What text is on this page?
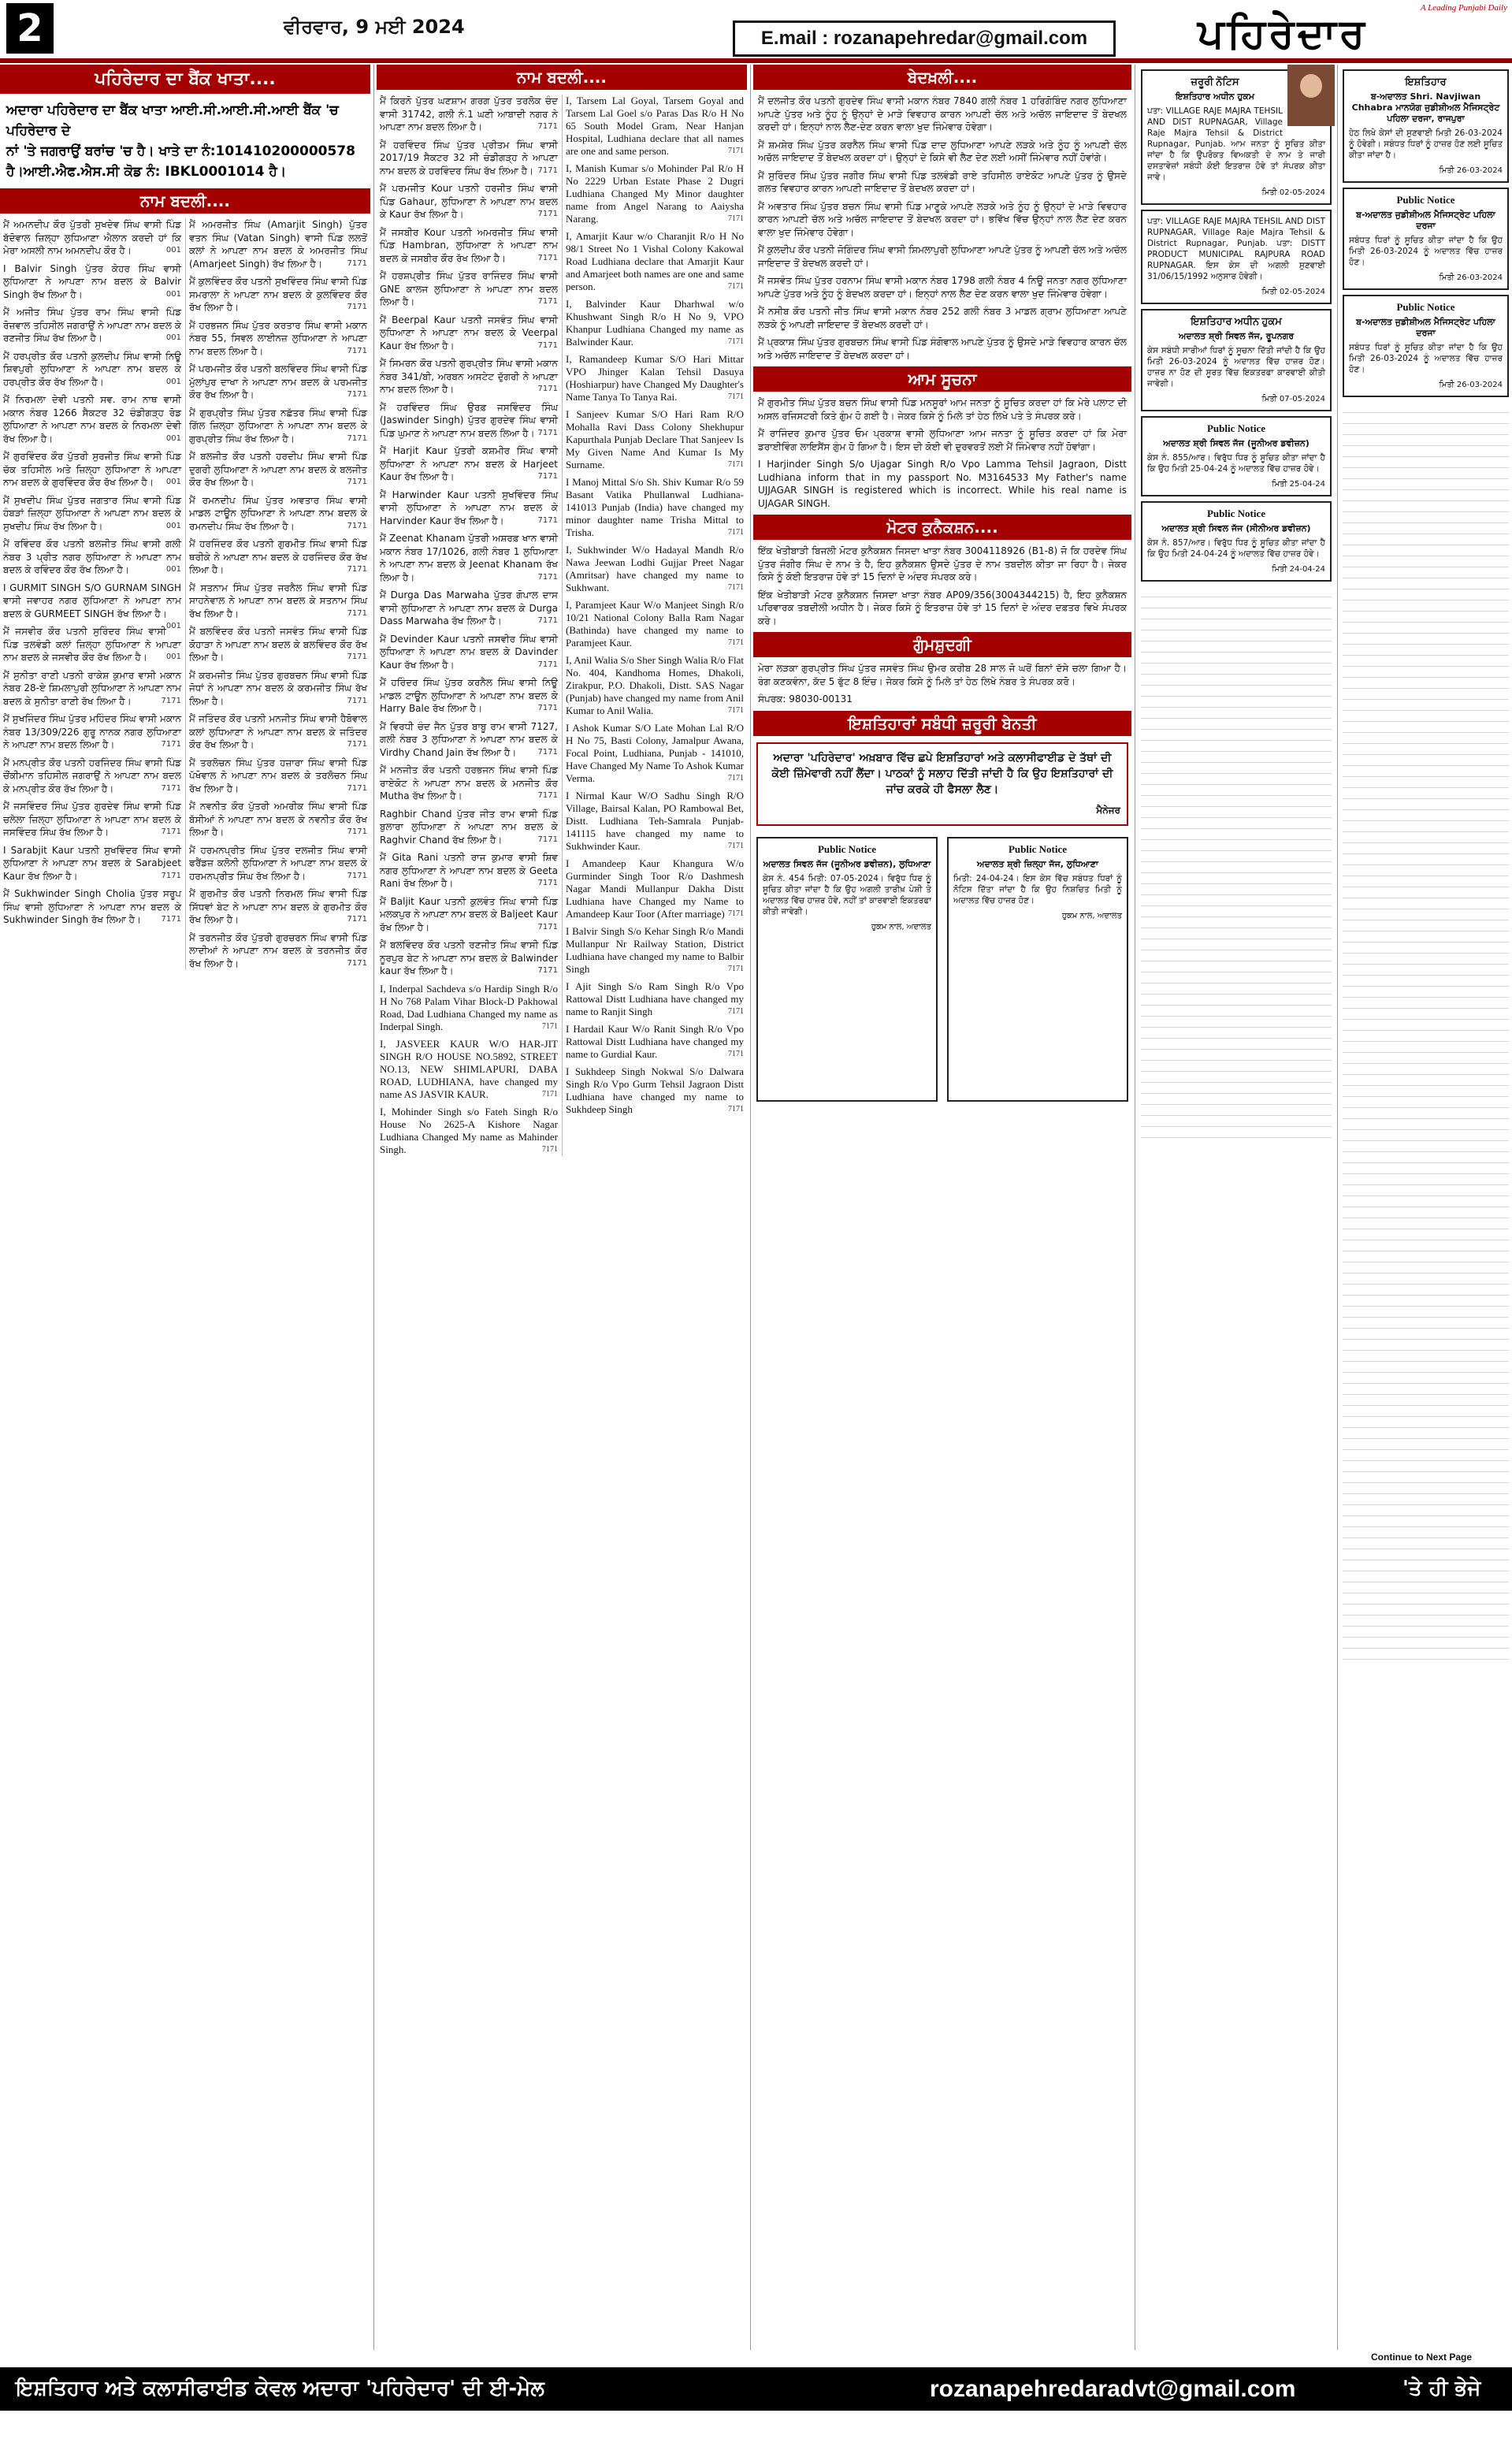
2	ਵੀਰਵਾਰ, 9 ਮਈ 2024
E.mail : rozanapehredar@gmail.com
A Leading Punjabi Daily
ਪਹਿਰੇਦਾਰ
ਪਹਿਰੇਦਾਰ ਦਾ ਬੈਂਕ ਖਾਤਾ....
ਅਦਾਰਾ ਪਹਿਰੇਦਾਰ ਦਾ ਬੈਂਕ ਖਾਤਾ ਆਈ.ਸੀ.ਆਈ.ਸੀ.ਆਈ ਬੈਂਕ 'ਚ ਪਹਿਰੇਦਾਰ ਦੇ
ਨਾਂ 'ਤੇ ਜਗਰਾਉਂ ਬਰਾਂਚ 'ਚ ਹੈ। ਖਾਤੇ ਦਾ ਨੰ:101410200000578
ਹੈ।ਆਈ.ਐਫ.ਐਸ.ਸੀ ਕੋਡ ਨੰ: IBKL0001014 ਹੈ।
ਨਾਮ ਬਦਲੀ....
ਮੈਂ ਅਮਨਦੀਪ ਕੌਰ ਪੁੱਤਰੀ ਸੁਖਦੇਵ ਸਿੰਘ ਵਾਸੀ ਪਿੰਡ ਬੱਦੋਵਾਲ ਜ਼ਿਲ੍ਹਾ ਲੁਧਿਆਣਾ ਐਲਾਨ ਕਰਦੀ ਹਾਂ ਕਿ ਮੇਰਾ ਅਸਲੀ ਨਾਮ ਅਮਨਦੀਪ ਕੌਰ ਹੈ।	001
I Balvir Singh ਪੁੱਤਰ ਕੇਹਰ ਸਿੰਘ ਵਾਸੀ ਲੁਧਿਆਣਾ ਨੇ ਆਪਣਾ ਨਾਮ ਬਦਲ ਕੇ Balvir Singh ਰੱਖ ਲਿਆ ਹੈ।	001
ਮੈਂ ਅਜੀਤ ਸਿੰਘ ਪੁੱਤਰ ਰਾਮ ਸਿੰਘ ਵਾਸੀ ਪਿੰਡ ਰੋਜ਼ਵਾਲ ਤਹਿਸੀਲ ਜਗਰਾਉਂ ਨੇ ਆਪਣਾ ਨਾਮ ਬਦਲ ਕੇ ਰਣਜੀਤ ਸਿੰਘ ਰੱਖ ਲਿਆ ਹੈ।	001
ਮੈਂ ਹਰਪ੍ਰੀਤ ਕੌਰ ਪਤਨੀ ਕੁਲਦੀਪ ਸਿੰਘ ਵਾਸੀ ਨਿਊ ਸ਼ਿਵਪੁਰੀ ਲੁਧਿਆਣਾ ਨੇ ਆਪਣਾ ਨਾਮ ਬਦਲ ਕੇ ਹਰਪ੍ਰੀਤ ਕੌਰ ਰੱਖ ਲਿਆ ਹੈ।	001
ਮੈਂ ਨਿਰਮਲਾ ਦੇਵੀ ਪਤਨੀ ਸਵ. ਰਾਮ ਨਾਥ ਵਾਸੀ ਮਕਾਨ ਨੰਬਰ 1266 ਸੈਕਟਰ 32 ਚੰਡੀਗੜ੍ਹ ਰੋਡ ਲੁਧਿਆਣਾ ਨੇ ਆਪਣਾ ਨਾਮ ਬਦਲ ਕੇ ਨਿਰਮਲਾ ਦੇਵੀ ਰੱਖ ਲਿਆ ਹੈ।	001
ਮੈਂ ਗੁਰਵਿੰਦਰ ਕੌਰ ਪੁੱਤਰੀ ਸੁਰਜੀਤ ਸਿੰਘ ਵਾਸੀ ਪਿੰਡ ਚੱਕ ਤਹਿਸੀਲ ਅਤੇ ਜ਼ਿਲ੍ਹਾ ਲੁਧਿਆਣਾ ਨੇ ਆਪਣਾ ਨਾਮ ਬਦਲ ਕੇ ਗੁਰਵਿੰਦਰ ਕੌਰ ਰੱਖ ਲਿਆ ਹੈ। 001
ਮੈਂ ਸੁਖਦੀਪ ਸਿੰਘ ਪੁੱਤਰ ਜਗਤਾਰ ਸਿੰਘ ਵਾਸੀ ਪਿੰਡ ਹੰਬੜਾਂ ਜ਼ਿਲ੍ਹਾ ਲੁਧਿਆਣਾ ਨੇ ਆਪਣਾ ਨਾਮ ਬਦਲ ਕੇ ਸੁਖਦੀਪ ਸਿੰਘ ਰੱਖ ਲਿਆ ਹੈ।	001
ਮੈਂ ਰਵਿੰਦਰ ਕੌਰ ਪਤਨੀ ਬਲਜੀਤ ਸਿੰਘ ਵਾਸੀ ਗਲੀ ਨੰਬਰ 3 ਪ੍ਰੀਤ ਨਗਰ ਲੁਧਿਆਣਾ ਨੇ ਆਪਣਾ ਨਾਮ ਬਦਲ ਕੇ ਰਵਿੰਦਰ ਕੌਰ ਰੱਖ ਲਿਆ ਹੈ।	001
I GURMIT SINGH S/O GURNAM SINGH ਵਾਸੀ ਜਵਾਹਰ ਨਗਰ ਲੁਧਿਆਣਾ ਨੇ ਆਪਣਾ ਨਾਮ ਬਦਲ ਕੇ GURMEET SINGH ਰੱਖ ਲਿਆ ਹੈ।
001
ਮੈਂ ਜਸਵੀਰ ਕੌਰ ਪਤਨੀ ਸੁਰਿੰਦਰ ਸਿੰਘ ਵਾਸੀ ਪਿੰਡ ਤਲਵੰਡੀ ਕਲਾਂ ਜ਼ਿਲ੍ਹਾ ਲੁਧਿਆਣਾ ਨੇ ਆਪਣਾ ਨਾਮ ਬਦਲ ਕੇ ਜਸਵੀਰ ਕੌਰ ਰੱਖ ਲਿਆ ਹੈ। 001
ਮੈਂ ਸੁਨੀਤਾ ਰਾਣੀ ਪਤਨੀ ਰਾਕੇਸ਼ ਕੁਮਾਰ ਵਾਸੀ ਮਕਾਨ ਨੰਬਰ 28-ਏ ਸ਼ਿਮਲਾਪੁਰੀ ਲੁਧਿਆਣਾ ਨੇ ਆਪਣਾ ਨਾਮ ਬਦਲ ਕੇ ਸੁਨੀਤਾ ਰਾਣੀ ਰੱਖ ਲਿਆ ਹੈ।	7171
ਮੈਂ ਸੁਖਜਿੰਦਰ ਸਿੰਘ ਪੁੱਤਰ ਮਹਿੰਦਰ ਸਿੰਘ ਵਾਸੀ ਮਕਾਨ ਨੰਬਰ 13/309/226 ਗੁਰੂ ਨਾਨਕ ਨਗਰ ਲੁਧਿਆਣਾ ਨੇ ਆਪਣਾ ਨਾਮ ਬਦਲ ਲਿਆ ਹੈ।	7171
ਮੈਂ ਮਨਪ੍ਰੀਤ ਕੌਰ ਪਤਨੀ ਹਰਜਿੰਦਰ ਸਿੰਘ ਵਾਸੀ ਪਿੰਡ ਚੌਂਕੀਮਾਨ ਤਹਿਸੀਲ ਜਗਰਾਉਂ ਨੇ ਆਪਣਾ ਨਾਮ ਬਦਲ ਕੇ ਮਨਪ੍ਰੀਤ ਕੌਰ ਰੱਖ ਲਿਆ ਹੈ।	7171
ਮੈਂ ਜਸਵਿੰਦਰ ਸਿੰਘ ਪੁੱਤਰ ਗੁਰਦੇਵ ਸਿੰਘ ਵਾਸੀ ਪਿੰਡ ਚਲੇਲਾ ਜ਼ਿਲ੍ਹਾ ਲੁਧਿਆਣਾ ਨੇ ਆਪਣਾ ਨਾਮ ਬਦਲ ਕੇ ਜਸਵਿੰਦਰ ਸਿੰਘ ਰੱਖ ਲਿਆ ਹੈ।	7171
I Sarabjit Kaur ਪਤਨੀ ਸੁਖਵਿੰਦਰ ਸਿੰਘ ਵਾਸੀ ਲੁਧਿਆਣਾ ਨੇ ਆਪਣਾ ਨਾਮ ਬਦਲ ਕੇ Sarabjeet Kaur ਰੱਖ ਲਿਆ ਹੈ।	7171
ਮੈਂ Sukhwinder Singh Cholia ਪੁੱਤਰ ਸਰੂਪ ਸਿੰਘ ਵਾਸੀ ਲੁਧਿਆਣਾ ਨੇ ਆਪਣਾ ਨਾਮ ਬਦਲ ਕੇ Sukhwinder Singh ਰੱਖ ਲਿਆ ਹੈ।	7171
ਮੈਂ ਅਮਰਜੀਤ ਸਿੰਘ (Amarjit Singh) ਪੁੱਤਰ ਵਤਨ ਸਿੰਘ (Vatan Singh) ਵਾਸੀ ਪਿੰਡ ਲਲਤੋਂ ਕਲਾਂ ਨੇ ਆਪਣਾ ਨਾਮ ਬਦਲ ਕੇ ਅਮਰਜੀਤ ਸਿੰਘ (Amarjeet Singh) ਰੱਖ ਲਿਆ ਹੈ।	7171
ਮੈਂ ਕੁਲਵਿੰਦਰ ਕੌਰ ਪਤਨੀ ਸੁਖਵਿੰਦਰ ਸਿੰਘ ਵਾਸੀ ਪਿੰਡ ਸਮਰਾਲਾ ਨੇ ਆਪਣਾ ਨਾਮ ਬਦਲ ਕੇ ਕੁਲਵਿੰਦਰ ਕੌਰ ਰੱਖ ਲਿਆ ਹੈ।	7171
ਮੈਂ ਹਰਭਜਨ ਸਿੰਘ ਪੁੱਤਰ ਕਰਤਾਰ ਸਿੰਘ ਵਾਸੀ ਮਕਾਨ ਨੰਬਰ 55, ਸਿਵਲ ਲਾਈਨਜ਼ ਲੁਧਿਆਣਾ ਨੇ ਆਪਣਾ ਨਾਮ ਬਦਲ ਲਿਆ ਹੈ।	7171
ਮੈਂ ਪਰਮਜੀਤ ਕੌਰ ਪਤਨੀ ਬਲਵਿੰਦਰ ਸਿੰਘ ਵਾਸੀ ਪਿੰਡ ਮੁੱਲਾਂਪੁਰ ਦਾਖਾ ਨੇ ਆਪਣਾ ਨਾਮ ਬਦਲ ਕੇ ਪਰਮਜੀਤ ਕੌਰ ਰੱਖ ਲਿਆ ਹੈ।	7171
ਮੈਂ ਗੁਰਪ੍ਰੀਤ ਸਿੰਘ ਪੁੱਤਰ ਨਛੱਤਰ ਸਿੰਘ ਵਾਸੀ ਪਿੰਡ ਗਿੱਲ ਜ਼ਿਲ੍ਹਾ ਲੁਧਿਆਣਾ ਨੇ ਆਪਣਾ ਨਾਮ ਬਦਲ ਕੇ ਗੁਰਪ੍ਰੀਤ ਸਿੰਘ ਰੱਖ ਲਿਆ ਹੈ।	7171
ਮੈਂ ਬਲਜੀਤ ਕੌਰ ਪਤਨੀ ਹਰਦੀਪ ਸਿੰਘ ਵਾਸੀ ਪਿੰਡ ਦੁਗਰੀ ਲੁਧਿਆਣਾ ਨੇ ਆਪਣਾ ਨਾਮ ਬਦਲ ਕੇ ਬਲਜੀਤ ਕੌਰ ਰੱਖ ਲਿਆ ਹੈ।	7171
ਮੈਂ ਰਮਨਦੀਪ ਸਿੰਘ ਪੁੱਤਰ ਅਵਤਾਰ ਸਿੰਘ ਵਾਸੀ ਮਾਡਲ ਟਾਊਨ ਲੁਧਿਆਣਾ ਨੇ ਆਪਣਾ ਨਾਮ ਬਦਲ ਕੇ ਰਮਨਦੀਪ ਸਿੰਘ ਰੱਖ ਲਿਆ ਹੈ।	7171
ਮੈਂ ਹਰਜਿੰਦਰ ਕੌਰ ਪਤਨੀ ਗੁਰਮੀਤ ਸਿੰਘ ਵਾਸੀ ਪਿੰਡ ਥਰੀਕੇ ਨੇ ਆਪਣਾ ਨਾਮ ਬਦਲ ਕੇ ਹਰਜਿੰਦਰ ਕੌਰ ਰੱਖ ਲਿਆ ਹੈ।	7171
ਮੈਂ ਸਤਨਾਮ ਸਿੰਘ ਪੁੱਤਰ ਜਰਨੈਲ ਸਿੰਘ ਵਾਸੀ ਪਿੰਡ ਸਾਹਨੇਵਾਲ ਨੇ ਆਪਣਾ ਨਾਮ ਬਦਲ ਕੇ ਸਤਨਾਮ ਸਿੰਘ ਰੱਖ ਲਿਆ ਹੈ।	7171
ਮੈਂ ਬਲਵਿੰਦਰ ਕੌਰ ਪਤਨੀ ਜਸਵੰਤ ਸਿੰਘ ਵਾਸੀ ਪਿੰਡ ਕੋਹਾੜਾ ਨੇ ਆਪਣਾ ਨਾਮ ਬਦਲ ਕੇ ਬਲਵਿੰਦਰ ਕੌਰ ਰੱਖ ਲਿਆ ਹੈ।	7171
ਮੈਂ ਕਰਮਜੀਤ ਸਿੰਘ ਪੁੱਤਰ ਗੁਰਬਚਨ ਸਿੰਘ ਵਾਸੀ ਪਿੰਡ ਜੋਧਾਂ ਨੇ ਆਪਣਾ ਨਾਮ ਬਦਲ ਕੇ ਕਰਮਜੀਤ ਸਿੰਘ ਰੱਖ ਲਿਆ ਹੈ।	7171
ਮੈਂ ਜਤਿੰਦਰ ਕੌਰ ਪਤਨੀ ਮਨਜੀਤ ਸਿੰਘ ਵਾਸੀ ਹੈਬੋਵਾਲ ਕਲਾਂ ਲੁਧਿਆਣਾ ਨੇ ਆਪਣਾ ਨਾਮ ਬਦਲ ਕੇ ਜਤਿੰਦਰ ਕੌਰ ਰੱਖ ਲਿਆ ਹੈ।	7171
ਮੈਂ ਤਰਲੋਚਨ ਸਿੰਘ ਪੁੱਤਰ ਹਜ਼ਾਰਾ ਸਿੰਘ ਵਾਸੀ ਪਿੰਡ ਪੱਖੋਵਾਲ ਨੇ ਆਪਣਾ ਨਾਮ ਬਦਲ ਕੇ ਤਰਲੋਚਨ ਸਿੰਘ ਰੱਖ ਲਿਆ ਹੈ।	7171
ਮੈਂ ਨਵਨੀਤ ਕੌਰ ਪੁੱਤਰੀ ਅਮਰੀਕ ਸਿੰਘ ਵਾਸੀ ਪਿੰਡ ਬੱਸੀਆਂ ਨੇ ਆਪਣਾ ਨਾਮ ਬਦਲ ਕੇ ਨਵਨੀਤ ਕੌਰ ਰੱਖ ਲਿਆ ਹੈ।	7171
ਮੈਂ ਹਰਮਨਪ੍ਰੀਤ ਸਿੰਘ ਪੁੱਤਰ ਦਲਜੀਤ ਸਿੰਘ ਵਾਸੀ ਫਰੈਂਡਜ਼ ਕਲੋਨੀ ਲੁਧਿਆਣਾ ਨੇ ਆਪਣਾ ਨਾਮ ਬਦਲ ਕੇ ਹਰਮਨਪ੍ਰੀਤ ਸਿੰਘ ਰੱਖ ਲਿਆ ਹੈ।	7171
ਮੈਂ ਗੁਰਮੀਤ ਕੌਰ ਪਤਨੀ ਨਿਰਮਲ ਸਿੰਘ ਵਾਸੀ ਪਿੰਡ ਸਿੱਧਵਾਂ ਬੇਟ ਨੇ ਆਪਣਾ ਨਾਮ ਬਦਲ ਕੇ ਗੁਰਮੀਤ ਕੌਰ ਰੱਖ ਲਿਆ ਹੈ।	7171
ਮੈਂ ਤਰਨਜੀਤ ਕੌਰ ਪੁੱਤਰੀ ਗੁਰਚਰਨ ਸਿੰਘ ਵਾਸੀ ਪਿੰਡ ਲਾਦੀਆਂ ਨੇ ਆਪਣਾ ਨਾਮ ਬਦਲ ਕੇ ਤਰਨਜੀਤ ਕੌਰ ਰੱਖ ਲਿਆ ਹੈ।	7171
ਨਾਮ ਬਦਲੀ....
ਮੈਂ ਕਿਰਨੋ ਪੁੱਤਰ ਘਣਸ਼ਾਮ ਗਰਗ ਪੁੱਤਰ ਤਰਲੋਕ ਚੰਦ ਵਾਸੀ 31742, ਗਲੀ ਨੰ.1 ਘਣੀ ਆਬਾਦੀ ਨਗਰ ਨੇ ਆਪਣਾ ਨਾਮ ਬਦਲ ਲਿਆ ਹੈ।	7171
ਮੈਂ ਹਰਵਿੰਦਰ ਸਿੰਘ ਪੁੱਤਰ ਪ੍ਰੀਤਮ ਸਿੰਘ ਵਾਸੀ 2017/19 ਸੈਕਟਰ 32 ਸੀ ਚੰਡੀਗੜ੍ਹ ਨੇ ਆਪਣਾ ਨਾਮ ਬਦਲ ਕੇ ਹਰਵਿੰਦਰ ਸਿੰਘ ਰੱਖ ਲਿਆ ਹੈ। 7171
ਮੈਂ ਪਰਮਜੀਤ Kour ਪਤਨੀ ਹਰਜੀਤ ਸਿੰਘ ਵਾਸੀ ਪਿੰਡ Gahaur, ਲੁਧਿਆਣਾ ਨੇ ਆਪਣਾ ਨਾਮ ਬਦਲ ਕੇ Kaur ਰੱਖ ਲਿਆ ਹੈ।	7171
ਮੈਂ ਜਸਬੀਰ Kour ਪਤਨੀ ਅਮਰਜੀਤ ਸਿੰਘ ਵਾਸੀ ਪਿੰਡ Hambran, ਲੁਧਿਆਣਾ ਨੇ ਆਪਣਾ ਨਾਮ ਬਦਲ ਕੇ ਜਸਬੀਰ ਕੌਰ ਰੱਖ ਲਿਆ ਹੈ।	7171
ਮੈਂ ਹਰਸ਼ਪ੍ਰੀਤ ਸਿੰਘ ਪੁੱਤਰ ਰਾਜਿੰਦਰ ਸਿੰਘ ਵਾਸੀ GNE ਕਾਲਜ ਲੁਧਿਆਣਾ ਨੇ ਆਪਣਾ ਨਾਮ ਬਦਲ ਲਿਆ ਹੈ।	7171
ਮੈਂ Beerpal Kaur ਪਤਨੀ ਜਸਵੰਤ ਸਿੰਘ ਵਾਸੀ ਲੁਧਿਆਣਾ ਨੇ ਆਪਣਾ ਨਾਮ ਬਦਲ ਕੇ Veerpal Kaur ਰੱਖ ਲਿਆ ਹੈ।	7171
ਮੈਂ ਸਿਮਰਨ ਕੌਰ ਪਤਨੀ ਗੁਰਪ੍ਰੀਤ ਸਿੰਘ ਵਾਸੀ ਮਕਾਨ ਨੰਬਰ 341/ਬੀ, ਅਰਬਨ ਅਸਟੇਟ ਦੁੱਗਰੀ ਨੇ ਆਪਣਾ ਨਾਮ ਬਦਲ ਲਿਆ ਹੈ।	7171
ਮੈਂ ਹਰਵਿੰਦਰ ਸਿੰਘ ਉਰਫ਼ ਜਸਵਿੰਦਰ ਸਿੰਘ (Jaswinder Singh) ਪੁੱਤਰ ਗੁਰਦੇਵ ਸਿੰਘ ਵਾਸੀ ਪਿੰਡ ਘੁਮਾਣ ਨੇ ਆਪਣਾ ਨਾਮ ਬਦਲ ਲਿਆ ਹੈ। 7171
ਮੈਂ Harjit Kaur ਪੁੱਤਰੀ ਕਸ਼ਮੀਰ ਸਿੰਘ ਵਾਸੀ ਲੁਧਿਆਣਾ ਨੇ ਆਪਣਾ ਨਾਮ ਬਦਲ ਕੇ Harjeet Kaur ਰੱਖ ਲਿਆ ਹੈ।	7171
ਮੈਂ Harwinder Kaur ਪਤਨੀ ਸੁਖਵਿੰਦਰ ਸਿੰਘ ਵਾਸੀ ਲੁਧਿਆਣਾ ਨੇ ਆਪਣਾ ਨਾਮ ਬਦਲ ਕੇ Harvinder Kaur ਰੱਖ ਲਿਆ ਹੈ।	7171
ਮੈਂ Zeenat Khanam ਪੁੱਤਰੀ ਅਸ਼ਰਫ਼ ਖਾਨ ਵਾਸੀ ਮਕਾਨ ਨੰਬਰ 17/1026, ਗਲੀ ਨੰਬਰ 1 ਲੁਧਿਆਣਾ ਨੇ ਆਪਣਾ ਨਾਮ ਬਦਲ ਕੇ Jeenat Khanam ਰੱਖ ਲਿਆ ਹੈ।	7171
ਮੈਂ Durga Das Marwaha ਪੁੱਤਰ ਗੋਪਾਲ ਦਾਸ ਵਾਸੀ ਲੁਧਿਆਣਾ ਨੇ ਆਪਣਾ ਨਾਮ ਬਦਲ ਕੇ Durga Dass Marwaha ਰੱਖ ਲਿਆ ਹੈ।	7171
ਮੈਂ Devinder Kaur ਪਤਨੀ ਜਸਵੀਰ ਸਿੰਘ ਵਾਸੀ ਲੁਧਿਆਣਾ ਨੇ ਆਪਣਾ ਨਾਮ ਬਦਲ ਕੇ Davinder Kaur ਰੱਖ ਲਿਆ ਹੈ।	7171
ਮੈਂ ਹਰਿੰਦਰ ਸਿੰਘ ਪੁੱਤਰ ਕਰਨੈਲ ਸਿੰਘ ਵਾਸੀ ਨਿਊ ਮਾਡਲ ਟਾਊਨ ਲੁਧਿਆਣਾ ਨੇ ਆਪਣਾ ਨਾਮ ਬਦਲ ਕੇ Harry Bale ਰੱਖ ਲਿਆ ਹੈ।	7171
ਮੈਂ ਵਿਰਧੀ ਚੰਦ ਜੈਨ ਪੁੱਤਰ ਬਾਬੂ ਰਾਮ ਵਾਸੀ 7127, ਗਲੀ ਨੰਬਰ 3 ਲੁਧਿਆਣਾ ਨੇ ਆਪਣਾ ਨਾਮ ਬਦਲ ਕੇ Virdhy Chand Jain ਰੱਖ ਲਿਆ ਹੈ।	7171
ਮੈਂ ਮਨਜੀਤ ਕੌਰ ਪਤਨੀ ਹਰਭਜਨ ਸਿੰਘ ਵਾਸੀ ਪਿੰਡ ਰਾਏਕੋਟ ਨੇ ਆਪਣਾ ਨਾਮ ਬਦਲ ਕੇ ਮਨਜੀਤ ਕੌਰ Mutha ਰੱਖ ਲਿਆ ਹੈ।	7171
Raghbir Chand ਪੁੱਤਰ ਜੀਤ ਰਾਮ ਵਾਸੀ ਪਿੰਡ ਬੁਲਾਰਾ ਲੁਧਿਆਣਾ ਨੇ ਆਪਣਾ ਨਾਮ ਬਦਲ ਕੇ Raghvir Chand ਰੱਖ ਲਿਆ ਹੈ।	7171
ਮੈਂ Gita Rani ਪਤਨੀ ਰਾਜ ਕੁਮਾਰ ਵਾਸੀ ਸ਼ਿਵ ਨਗਰ ਲੁਧਿਆਣਾ ਨੇ ਆਪਣਾ ਨਾਮ ਬਦਲ ਕੇ Geeta Rani ਰੱਖ ਲਿਆ ਹੈ।	7171
ਮੈਂ Baljit Kaur ਪਤਨੀ ਕੁਲਵੰਤ ਸਿੰਘ ਵਾਸੀ ਪਿੰਡ ਮਲਕਪੁਰ ਨੇ ਆਪਣਾ ਨਾਮ ਬਦਲ ਕੇ Baljeet Kaur ਰੱਖ ਲਿਆ ਹੈ।	7171
ਮੈਂ ਬਲਵਿੰਦਰ ਕੌਰ ਪਤਨੀ ਰਣਜੀਤ ਸਿੰਘ ਵਾਸੀ ਪਿੰਡ ਨੂਰਪੁਰ ਬੇਟ ਨੇ ਆਪਣਾ ਨਾਮ ਬਦਲ ਕੇ Balwinder kaur ਰੱਖ ਲਿਆ ਹੈ।	7171
I, Inderpal Sachdeva s/o Hardip Singh R/o H No 768 Palam Vihar Block-D Pakhowal Road, Dad Ludhiana Changed my name as Inderpal Singh.	7171
I, JASVEER KAUR W/O HAR-JIT SINGH R/O HOUSE NO.5892, STREET NO.13, NEW SHIMLAPURI, DABA ROAD, LUDHIANA, have changed my name AS JASVIR KAUR.	7171
I, Mohinder Singh s/o Fateh Singh R/o House No 2625-A Kishore Nagar Ludhiana Changed My name as Mahinder Singh.	7171
I, Tarsem Lal Goyal, Tarsem Goyal and Tarsem Lal Goel s/o Paras Das R/o H No 65 South Model Gram, Near Hanjan Hospital, Ludhiana declare that all names are one and same person.	7171
I, Manish Kumar s/o Mohinder Pal R/o H No 2229 Urban Estate Phase 2 Dugri Ludhiana Changed My Minor daughter name from Angel Narang to Aaiysha Narang.	7171
I, Amarjit Kaur w/o Charanjit R/o H No 98/1 Street No 1 Vishal Colony Kakowal Road Ludhiana declare that Amarjit Kaur and Amarjeet both names are one and same person.	7171
I, Balvinder Kaur Dharhwal w/o Khushwant Singh R/o H No 9, VPO Khanpur Ludhiana Changed my name as Balwinder Kaur.	7171
I, Ramandeep Kumar S/O Hari Mittar VPO Jhinger Kalan Tehsil Dasuya (Hoshiarpur) have Changed My Daughter's Name Tanya To Tanya Rai.	7171
I Sanjeev Kumar S/O Hari Ram R/O Mohalla Ravi Dass Colony Shekhupur Kapurthala Punjab Declare That Sanjeev Is My Given Name And Kumar Is My Surname.	7171
I Manoj Mittal S/o Sh. Shiv Kumar R/o 59 Basant Vatika Phullanwal Ludhiana-141013 Punjab (India) have changed my minor daughter name Trisha Mittal to Trisha.	7171
I, Sukhwinder W/o Hadayal Mandh R/o Nawa Jeewan Lodhi Gujjar Preet Nagar (Amritsar) have changed my name to Sukhwant.	7171
I, Paramjeet Kaur W/o Manjeet Singh R/o 10/21 National Colony Balla Ram Nagar (Bathinda) have changed my name to Paramjeet Kaur.	7171
I, Anil Walia S/o Sher Singh Walia R/o Flat No. 404, Kandhoma Homes, Dhakoli, Zirakpur, P.O. Dhakoli, Distt. SAS Nagar (Punjab) have changed my name from Anil Kumar to Anil Walia.	7171
I Ashok Kumar S/O Late Mohan Lal R/O H No 75, Basti Colony, Jamalpur Awana, Focal Point, Ludhiana, Punjab - 141010, Have Changed My Name To Ashok Kumar Verma.	7171
I Nirmal Kaur W/O Sadhu Singh R/O Village, Bairsal Kalan, PO Rambowal Bet, Distt. Ludhiana Teh-Samrala Punjab-141115 have changed my name to Sukhwinder Kaur.	7171
I Amandeep Kaur Khangura W/o Gurminder Singh Toor R/o Dashmesh Nagar Mandi Mullanpur Dakha Distt Ludhiana have Changed my Name to Amandeep Kaur Toor (After marriage) 7171
I Balvir Singh S/o Kehar Singh R/o Mandi Mullanpur Nr Railway Station, District Ludhiana have changed my name to Balbir Singh	7171
I Ajit Singh S/o Ram Singh R/o Vpo Rattowal Distt Ludhiana have changed my name to Ranjit Singh	7171
I Hardail Kaur W/o Ranit Singh R/o Vpo Rattowal Distt Ludhiana have changed my name to Gurdial Kaur.	7171
I Sukhdeep Singh Nokwal S/o Dalwara Singh R/o Vpo Gurm Tehsil Jagraon Distt Ludhiana have changed my name to Sukhdeep Singh	7171
ਬੇਦਖ਼ਲੀ....

ਮੈਂ ਦਲਜੀਤ ਕੌਰ ਪਤਨੀ ਗੁਰਦੇਵ ਸਿੰਘ ਵਾਸੀ ਮਕਾਨ ਨੰਬਰ 7840 ਗਲੀ ਨੰਬਰ 1 ਹਰਿਗੋਬਿੰਦ ਨਗਰ ਲੁਧਿਆਣਾ ਆਪਣੇ ਪੁੱਤਰ ਅਤੇ ਨੂੰਹ ਨੂੰ ਉਨ੍ਹਾਂ ਦੇ ਮਾੜੇ ਵਿਵਹਾਰ ਕਾਰਨ ਆਪਣੀ ਚੱਲ ਅਤੇ ਅਚੱਲ ਜਾਇਦਾਦ ਤੋਂ ਬੇਦਖਲ ਕਰਦੀ ਹਾਂ। ਇਨ੍ਹਾਂ ਨਾਲ ਲੈਣ-ਦੇਣ ਕਰਨ ਵਾਲਾ ਖੁਦ ਜਿੰਮੇਵਾਰ ਹੋਵੇਗਾ।

ਮੈਂ ਸ਼ਮਸ਼ੇਰ ਸਿੰਘ ਪੁੱਤਰ ਕਰਨੈਲ ਸਿੰਘ ਵਾਸੀ ਪਿੰਡ ਦਾਦ ਲੁਧਿਆਣਾ ਆਪਣੇ ਲੜਕੇ ਅਤੇ ਨੂੰਹ ਨੂੰ ਆਪਣੀ ਚੱਲ ਅਚੱਲ ਜਾਇਦਾਦ ਤੋਂ ਬੇਦਖਲ ਕਰਦਾ ਹਾਂ। ਉਨ੍ਹਾਂ ਦੇ ਕਿਸੇ ਵੀ ਲੈਣ ਦੇਣ ਲਈ ਅਸੀਂ ਜਿੰਮੇਵਾਰ ਨਹੀਂ ਹੋਵਾਂਗੇ।

ਮੈਂ ਸੁਰਿੰਦਰ ਸਿੰਘ ਪੁੱਤਰ ਜਗੀਰ ਸਿੰਘ ਵਾਸੀ ਪਿੰਡ ਤਲਵੰਡੀ ਰਾਏ ਤਹਿਸੀਲ ਰਾਏਕੋਟ ਆਪਣੇ ਪੁੱਤਰ ਨੂੰ ਉਸਦੇ ਗਲਤ ਵਿਵਹਾਰ ਕਾਰਨ ਆਪਣੀ ਜਾਇਦਾਦ ਤੋਂ ਬੇਦਖਲ ਕਰਦਾ ਹਾਂ।

ਮੈਂ ਅਵਤਾਰ ਸਿੰਘ ਪੁੱਤਰ ਬਚਨ ਸਿੰਘ ਵਾਸੀ ਪਿੰਡ ਮਾਣੂਕੇ ਆਪਣੇ ਲੜਕੇ ਅਤੇ ਨੂੰਹ ਨੂੰ ਉਨ੍ਹਾਂ ਦੇ ਮਾੜੇ ਵਿਵਹਾਰ ਕਾਰਨ ਆਪਣੀ ਚੱਲ ਅਤੇ ਅਚੱਲ ਜਾਇਦਾਦ ਤੋਂ ਬੇਦਖਲ ਕਰਦਾ ਹਾਂ। ਭਵਿੱਖ ਵਿੱਚ ਉਨ੍ਹਾਂ ਨਾਲ ਲੈਣ ਦੇਣ ਕਰਨ ਵਾਲਾ ਖੁਦ ਜਿੰਮੇਵਾਰ ਹੋਵੇਗਾ।

ਮੈਂ ਕੁਲਦੀਪ ਕੌਰ ਪਤਨੀ ਜੋਗਿੰਦਰ ਸਿੰਘ ਵਾਸੀ ਸ਼ਿਮਲਾਪੁਰੀ ਲੁਧਿਆਣਾ ਆਪਣੇ ਪੁੱਤਰ ਨੂੰ ਆਪਣੀ ਚੱਲ ਅਤੇ ਅਚੱਲ ਜਾਇਦਾਦ ਤੋਂ ਬੇਦਖਲ ਕਰਦੀ ਹਾਂ।

ਮੈਂ ਜਸਵੰਤ ਸਿੰਘ ਪੁੱਤਰ ਹਰਨਾਮ ਸਿੰਘ ਵਾਸੀ ਮਕਾਨ ਨੰਬਰ 1798 ਗਲੀ ਨੰਬਰ 4 ਨਿਊ ਜਨਤਾ ਨਗਰ ਲੁਧਿਆਣਾ ਆਪਣੇ ਪੁੱਤਰ ਅਤੇ ਨੂੰਹ ਨੂੰ ਬੇਦਖਲ ਕਰਦਾ ਹਾਂ। ਇਨ੍ਹਾਂ ਨਾਲ ਲੈਣ ਦੇਣ ਕਰਨ ਵਾਲਾ ਖੁਦ ਜਿੰਮੇਵਾਰ ਹੋਵੇਗਾ।

ਮੈਂ ਨਸੀਬ ਕੌਰ ਪਤਨੀ ਜੀਤ ਸਿੰਘ ਵਾਸੀ ਮਕਾਨ ਨੰਬਰ 252 ਗਲੀ ਨੰਬਰ 3 ਮਾਡਲ ਗ੍ਰਾਮ ਲੁਧਿਆਣਾ ਆਪਣੇ ਲੜਕੇ ਨੂੰ ਆਪਣੀ ਜਾਇਦਾਦ ਤੋਂ ਬੇਦਖਲ ਕਰਦੀ ਹਾਂ।

ਮੈਂ ਪ੍ਰਕਾਸ਼ ਸਿੰਘ ਪੁੱਤਰ ਗੁਰਬਚਨ ਸਿੰਘ ਵਾਸੀ ਪਿੰਡ ਸੰਗੋਵਾਲ ਆਪਣੇ ਪੁੱਤਰ ਨੂੰ ਉਸਦੇ ਮਾੜੇ ਵਿਵਹਾਰ ਕਾਰਨ ਚੱਲ ਅਤੇ ਅਚੱਲ ਜਾਇਦਾਦ ਤੋਂ ਬੇਦਖਲ ਕਰਦਾ ਹਾਂ।

ਆਮ ਸੂਚਨਾ

ਮੈਂ ਗੁਰਮੀਤ ਸਿੰਘ ਪੁੱਤਰ ਬਚਨ ਸਿੰਘ ਵਾਸੀ ਪਿੰਡ ਮਨਸੂਰਾਂ ਆਮ ਜਨਤਾ ਨੂੰ ਸੂਚਿਤ ਕਰਦਾ ਹਾਂ ਕਿ ਮੇਰੇ ਪਲਾਟ ਦੀ ਅਸਲ ਰਜਿਸਟਰੀ ਕਿਤੇ ਗੁੰਮ ਹੋ ਗਈ ਹੈ। ਜੇਕਰ ਕਿਸੇ ਨੂੰ ਮਿਲੇ ਤਾਂ ਹੇਠ ਲਿਖੇ ਪਤੇ ਤੇ ਸੰਪਰਕ ਕਰੇ।

ਮੈਂ ਰਾਜਿੰਦਰ ਕੁਮਾਰ ਪੁੱਤਰ ਓਮ ਪ੍ਰਕਾਸ਼ ਵਾਸੀ ਲੁਧਿਆਣਾ ਆਮ ਜਨਤਾ ਨੂੰ ਸੂਚਿਤ ਕਰਦਾ ਹਾਂ ਕਿ ਮੇਰਾ ਡਰਾਈਵਿੰਗ ਲਾਇਸੈਂਸ ਗੁੰਮ ਹੋ ਗਿਆ ਹੈ। ਇਸ ਦੀ ਕੋਈ ਵੀ ਦੁਰਵਰਤੋਂ ਲਈ ਮੈਂ ਜਿੰਮੇਵਾਰ ਨਹੀਂ ਹੋਵਾਂਗਾ।

I Harjinder Singh S/o Ujagar Singh R/o Vpo Lamma Tehsil Jagraon, Distt Ludhiana inform that in my passport No. M3164533 My Father's name UJJAGAR SINGH is registered which is incorrect. While his real name is UJAGAR SINGH.

ਮੋਟਰ ਕੁਨੈਕਸ਼ਨ....

ਇੱਕ ਖੇਤੀਬਾੜੀ ਬਿਜਲੀ ਮੋਟਰ ਕੁਨੈਕਸ਼ਨ ਜਿਸਦਾ ਖਾਤਾ ਨੰਬਰ 3004118926 (B1-8) ਜੋ ਕਿ ਹਰਦੇਵ ਸਿੰਘ ਪੁੱਤਰ ਜੰਗੀਰ ਸਿੰਘ ਦੇ ਨਾਮ ਤੇ ਹੈ, ਇਹ ਕੁਨੈਕਸ਼ਨ ਉਸਦੇ ਪੁੱਤਰ ਦੇ ਨਾਮ ਤਬਦੀਲ ਕੀਤਾ ਜਾ ਰਿਹਾ ਹੈ। ਜੇਕਰ ਕਿਸੇ ਨੂੰ ਕੋਈ ਇਤਰਾਜ਼ ਹੋਵੇ ਤਾਂ 15 ਦਿਨਾਂ ਦੇ ਅੰਦਰ ਸੰਪਰਕ ਕਰੇ।

ਇੱਕ ਖੇਤੀਬਾੜੀ ਮੋਟਰ ਕੁਨੈਕਸ਼ਨ ਜਿਸਦਾ ਖਾਤਾ ਨੰਬਰ AP09/356(3004344215) ਹੈ, ਇਹ ਕੁਨੈਕਸ਼ਨ ਪਰਿਵਾਰਕ ਤਬਦੀਲੀ ਅਧੀਨ ਹੈ। ਜੇਕਰ ਕਿਸੇ ਨੂੰ ਇਤਰਾਜ਼ ਹੋਵੇ ਤਾਂ 15 ਦਿਨਾਂ ਦੇ ਅੰਦਰ ਦਫ਼ਤਰ ਵਿਖੇ ਸੰਪਰਕ ਕਰੇ।

ਗੁੰਮਸ਼ੁਦਗੀ

ਮੇਰਾ ਲੜਕਾ ਗੁਰਪ੍ਰੀਤ ਸਿੰਘ ਪੁੱਤਰ ਜਸਵੰਤ ਸਿੰਘ ਉਮਰ ਕਰੀਬ 28 ਸਾਲ ਜੋ ਘਰੋਂ ਬਿਨਾਂ ਦੱਸੇ ਚਲਾ ਗਿਆ ਹੈ। ਰੰਗ ਕਣਕਵੰਨਾ, ਕੱਦ 5 ਫੁੱਟ 8 ਇੰਚ। ਜੇਕਰ ਕਿਸੇ ਨੂੰ ਮਿਲੇ ਤਾਂ ਹੇਠ ਲਿਖੇ ਨੰਬਰ ਤੇ ਸੰਪਰਕ ਕਰੋ।

ਸੰਪਰਕ: 98030-00131

ਇਸ਼ਤਿਹਾਰਾਂ ਸਬੰਧੀ ਜ਼ਰੂਰੀ ਬੇਨਤੀ
ਅਦਾਰਾ 'ਪਹਿਰੇਦਾਰ' ਅਖ਼ਬਾਰ ਵਿੱਚ ਛਪੇ ਇਸ਼ਤਿਹਾਰਾਂ ਅਤੇ ਕਲਾਸੀਫਾਈਡ ਦੇ ਤੱਥਾਂ ਦੀ ਕੋਈ ਜ਼ਿੰਮੇਵਾਰੀ ਨਹੀਂ ਲੈਂਦਾ। ਪਾਠਕਾਂ ਨੂੰ ਸਲਾਹ ਦਿੱਤੀ ਜਾਂਦੀ ਹੈ ਕਿ ਉਹ ਇਸ਼ਤਿਹਾਰਾਂ ਦੀ ਜਾਂਚ ਕਰਕੇ ਹੀ ਫੈਸਲਾ ਲੈਣ।
ਮੈਨੇਜਰ
Public Notice
ਅਦਾਲਤ ਸਿਵਲ ਜੱਜ (ਜੂਨੀਅਰ ਡਵੀਜ਼ਨ), ਲੁਧਿਆਣਾ
ਕੇਸ ਨੰ. 454 ਮਿਤੀ: 07-05-2024। ਵਿਰੁੱਧ ਧਿਰ ਨੂੰ ਸੂਚਿਤ ਕੀਤਾ ਜਾਂਦਾ ਹੈ ਕਿ ਉਹ ਅਗਲੀ ਤਾਰੀਖ਼ ਪੇਸ਼ੀ ਤੇ ਅਦਾਲਤ ਵਿੱਚ ਹਾਜ਼ਰ ਹੋਵੇ, ਨਹੀਂ ਤਾਂ ਕਾਰਵਾਈ ਇਕਤਰਫਾ ਕੀਤੀ ਜਾਵੇਗੀ।
ਹੁਕਮ ਨਾਲ, ਅਦਾਲਤ
Public Notice
ਅਦਾਲਤ ਸ਼੍ਰੀ ਜ਼ਿਲ੍ਹਾ ਜੱਜ, ਲੁਧਿਆਣਾ
ਮਿਤੀ: 24-04-24। ਇਸ ਕੇਸ ਵਿੱਚ ਸਬੰਧਤ ਧਿਰਾਂ ਨੂੰ ਨੋਟਿਸ ਦਿੱਤਾ ਜਾਂਦਾ ਹੈ ਕਿ ਉਹ ਨਿਸ਼ਚਿਤ ਮਿਤੀ ਨੂੰ ਅਦਾਲਤ ਵਿੱਚ ਹਾਜ਼ਰ ਹੋਣ।
ਹੁਕਮ ਨਾਲ, ਅਦਾਲਤ
ਜ਼ਰੂਰੀ ਨੋਟਿਸ
ਇਸ਼ਤਿਹਾਰ ਅਧੀਨ ਹੁਕਮ
ਪਤਾ: VILLAGE RAJE MAJRA TEHSIL AND DIST RUPNAGAR, Village Raje Majra Tehsil & District Rupnagar, Punjab. ਆਮ ਜਨਤਾ ਨੂੰ ਸੂਚਿਤ ਕੀਤਾ ਜਾਂਦਾ ਹੈ ਕਿ ਉਪਰੋਕਤ ਵਿਅਕਤੀ ਦੇ ਨਾਮ ਤੇ ਜਾਰੀ ਦਸਤਾਵੇਜ਼ਾਂ ਸਬੰਧੀ ਕੋਈ ਇਤਰਾਜ਼ ਹੋਵੇ ਤਾਂ ਸੰਪਰਕ ਕੀਤਾ ਜਾਵੇ।
ਮਿਤੀ 02-05-2024
ਪਤਾ: VILLAGE RAJE MAJRA TEHSIL AND DIST RUPNAGAR, Village Raje Majra Tehsil & District Rupnagar, Punjab. ਪਤਾ: DISTT PRODUCT MUNICIPAL RAJPURA ROAD RUPNAGAR. ਇਸ ਕੇਸ ਦੀ ਅਗਲੀ ਸੁਣਵਾਈ 31/06/15/1992 ਅਨੁਸਾਰ ਹੋਵੇਗੀ।
ਮਿਤੀ 02-05-2024
ਇਸ਼ਤਿਹਾਰ ਅਧੀਨ ਹੁਕਮ
ਅਦਾਲਤ ਸ਼੍ਰੀ ਸਿਵਲ ਜੱਜ, ਰੂਪਨਗਰ
ਕੇਸ ਸਬੰਧੀ ਸਾਰੀਆਂ ਧਿਰਾਂ ਨੂੰ ਸੂਚਨਾ ਦਿੱਤੀ ਜਾਂਦੀ ਹੈ ਕਿ ਉਹ ਮਿਤੀ 26-03-2024 ਨੂੰ ਅਦਾਲਤ ਵਿੱਚ ਹਾਜ਼ਰ ਹੋਣ। ਹਾਜ਼ਰ ਨਾ ਹੋਣ ਦੀ ਸੂਰਤ ਵਿੱਚ ਇਕਤਰਫਾ ਕਾਰਵਾਈ ਕੀਤੀ ਜਾਵੇਗੀ।
ਮਿਤੀ 07-05-2024
Public Notice
ਅਦਾਲਤ ਸ਼੍ਰੀ ਸਿਵਲ ਜੱਜ (ਜੂਨੀਅਰ ਡਵੀਜ਼ਨ)
ਕੇਸ ਨੰ. 855/ਆਰ। ਵਿਰੁੱਧ ਧਿਰ ਨੂੰ ਸੂਚਿਤ ਕੀਤਾ ਜਾਂਦਾ ਹੈ ਕਿ ਉਹ ਮਿਤੀ 25-04-24 ਨੂੰ ਅਦਾਲਤ ਵਿੱਚ ਹਾਜ਼ਰ ਹੋਵੇ।
ਮਿਤੀ 25-04-24
Public Notice
ਅਦਾਲਤ ਸ਼੍ਰੀ ਸਿਵਲ ਜੱਜ (ਸੀਨੀਅਰ ਡਵੀਜ਼ਨ)
ਕੇਸ ਨੰ. 857/ਆਰ। ਵਿਰੁੱਧ ਧਿਰ ਨੂੰ ਸੂਚਿਤ ਕੀਤਾ ਜਾਂਦਾ ਹੈ ਕਿ ਉਹ ਮਿਤੀ 24-04-24 ਨੂੰ ਅਦਾਲਤ ਵਿੱਚ ਹਾਜ਼ਰ ਹੋਵੇ।
ਮਿਤੀ 24-04-24
ਇਸ਼ਤਿਹਾਰ
ਬ-ਅਦਾਲਤ Shri. Navjiwan Chhabra ਮਾਨਯੋਗ ਜੁਡੀਸ਼ੀਅਲ ਮੈਜਿਸਟ੍ਰੇਟ ਪਹਿਲਾ ਦਰਜਾ, ਰਾਜਪੁਰਾ
ਹੇਠ ਲਿਖੇ ਕੇਸਾਂ ਦੀ ਸੁਣਵਾਈ ਮਿਤੀ 26-03-2024 ਨੂੰ ਹੋਵੇਗੀ। ਸਬੰਧਤ ਧਿਰਾਂ ਨੂੰ ਹਾਜ਼ਰ ਹੋਣ ਲਈ ਸੂਚਿਤ ਕੀਤਾ ਜਾਂਦਾ ਹੈ।
ਮਿਤੀ 26-03-2024
Public Notice
ਬ-ਅਦਾਲਤ ਜੁਡੀਸ਼ੀਅਲ ਮੈਜਿਸਟ੍ਰੇਟ ਪਹਿਲਾ ਦਰਜਾ
ਸਬੰਧਤ ਧਿਰਾਂ ਨੂੰ ਸੂਚਿਤ ਕੀਤਾ ਜਾਂਦਾ ਹੈ ਕਿ ਉਹ ਮਿਤੀ 26-03-2024 ਨੂੰ ਅਦਾਲਤ ਵਿੱਚ ਹਾਜ਼ਰ ਹੋਣ।
ਮਿਤੀ 26-03-2024
Public Notice
ਬ-ਅਦਾਲਤ ਜੁਡੀਸ਼ੀਅਲ ਮੈਜਿਸਟ੍ਰੇਟ ਪਹਿਲਾ ਦਰਜਾ
ਸਬੰਧਤ ਧਿਰਾਂ ਨੂੰ ਸੂਚਿਤ ਕੀਤਾ ਜਾਂਦਾ ਹੈ ਕਿ ਉਹ ਮਿਤੀ 26-03-2024 ਨੂੰ ਅਦਾਲਤ ਵਿੱਚ ਹਾਜ਼ਰ ਹੋਣ।
ਮਿਤੀ 26-03-2024
Continue to Next Page
ਇਸ਼ਤਿਹਾਰ ਅਤੇ ਕਲਾਸੀਫਾਈਡ ਕੇਵਲ ਅਦਾਰਾ 'ਪਹਿਰੇਦਾਰ' ਦੀ ਈ-ਮੇਲ	rozanapehredaradvt@gmail.com	'ਤੇ ਹੀ ਭੇਜੇ ਜਾਣ।
